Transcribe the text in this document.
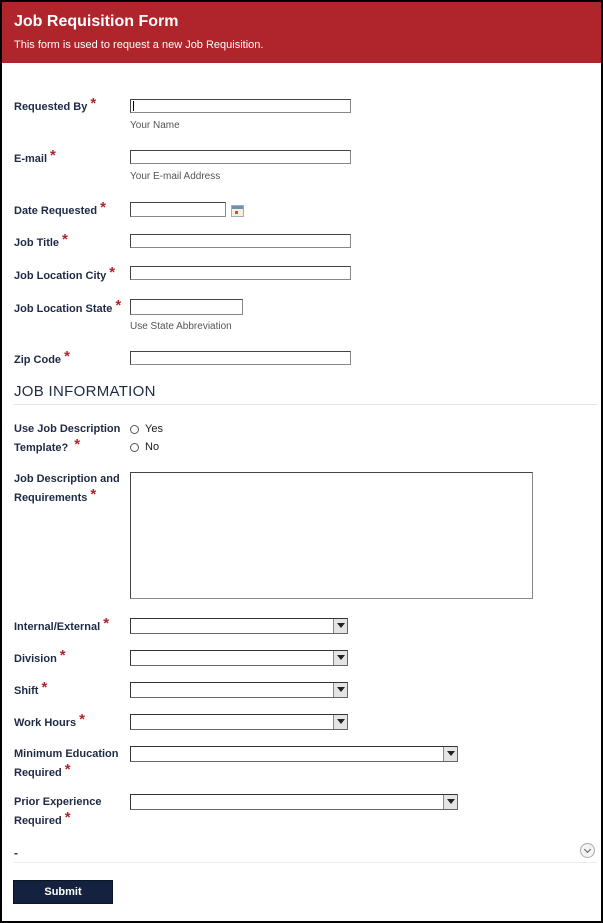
Job Requisition Form
This form is used to request a new Job Requisition.
Requested By *
Your Name
E-mail *
Your E-mail Address
Date Requested *
Job Title *
Job Location City *
Job Location State *
Use State Abbreviation
Zip Code *
JOB INFORMATION
Use Job Description
Template? *
Yes
No
Job Description and
Requirements *
Internal/External *
Division *
Shift *
Work Hours *
Minimum Education
Required *
Prior Experience
Required *
-
Submit
